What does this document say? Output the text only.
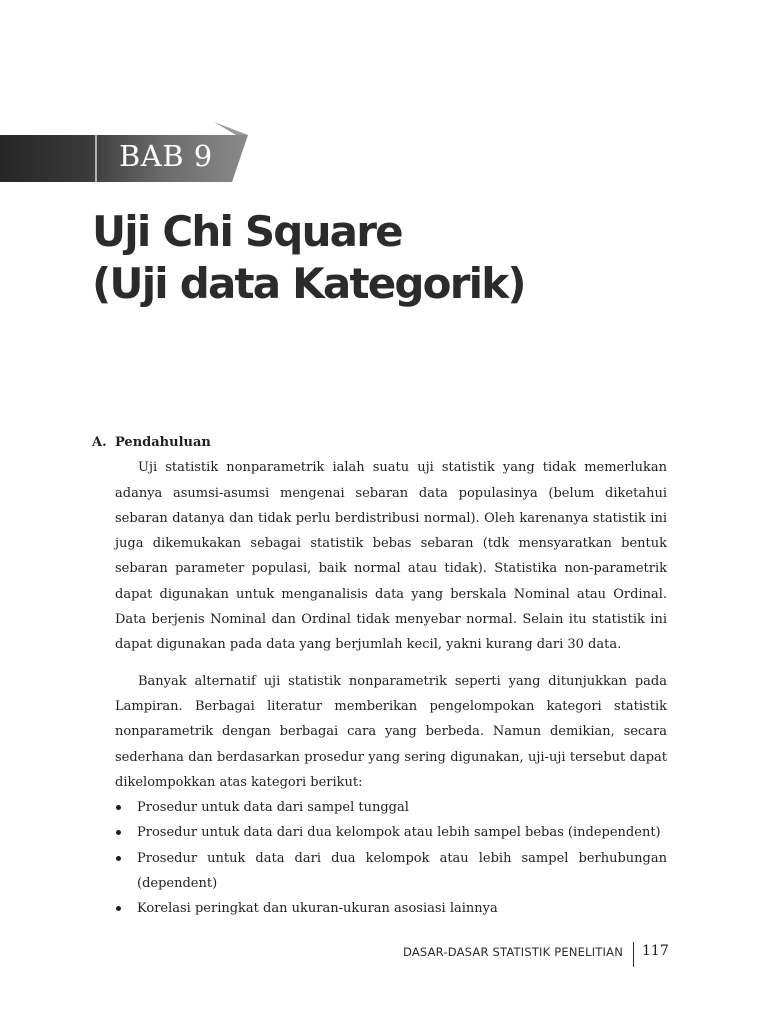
BAB 9
Uji Chi Square
(Uji data Kategorik)

A. Pendahuluan

Uji statistik nonparametrik ialah suatu uji statistik yang tidak memerlukan adanya asumsi-asumsi mengenai sebaran data populasinya (belum diketahui sebaran datanya dan tidak perlu berdistribusi normal). Oleh karenanya statistik ini juga dikemukakan sebagai statistik bebas sebaran (tdk mensyaratkan bentuk sebaran parameter populasi, baik normal atau tidak). Statistika non-parametrik dapat digunakan untuk menganalisis data yang berskala Nominal atau Ordinal. Data berjenis Nominal dan Ordinal tidak menyebar normal. Selain itu statistik ini dapat digunakan pada data yang berjumlah kecil, yakni kurang dari 30 data.

Banyak alternatif uji statistik nonparametrik seperti yang ditunjukkan pada Lampiran. Berbagai literatur memberikan pengelompokan kategori statistik nonparametrik dengan berbagai cara yang berbeda. Namun demikian, secara sederhana dan berdasarkan prosedur yang sering digunakan, uji-uji tersebut dapat dikelompokkan atas kategori berikut:

Prosedur untuk data dari sampel tunggal
Prosedur untuk data dari dua kelompok atau lebih sampel bebas (independent)
Prosedur untuk data dari dua kelompok atau lebih sampel berhubungan (dependent)
Korelasi peringkat dan ukuran-ukuran asosiasi lainnya
DASAR-DASAR STATISTIK PENELITIAN 117
